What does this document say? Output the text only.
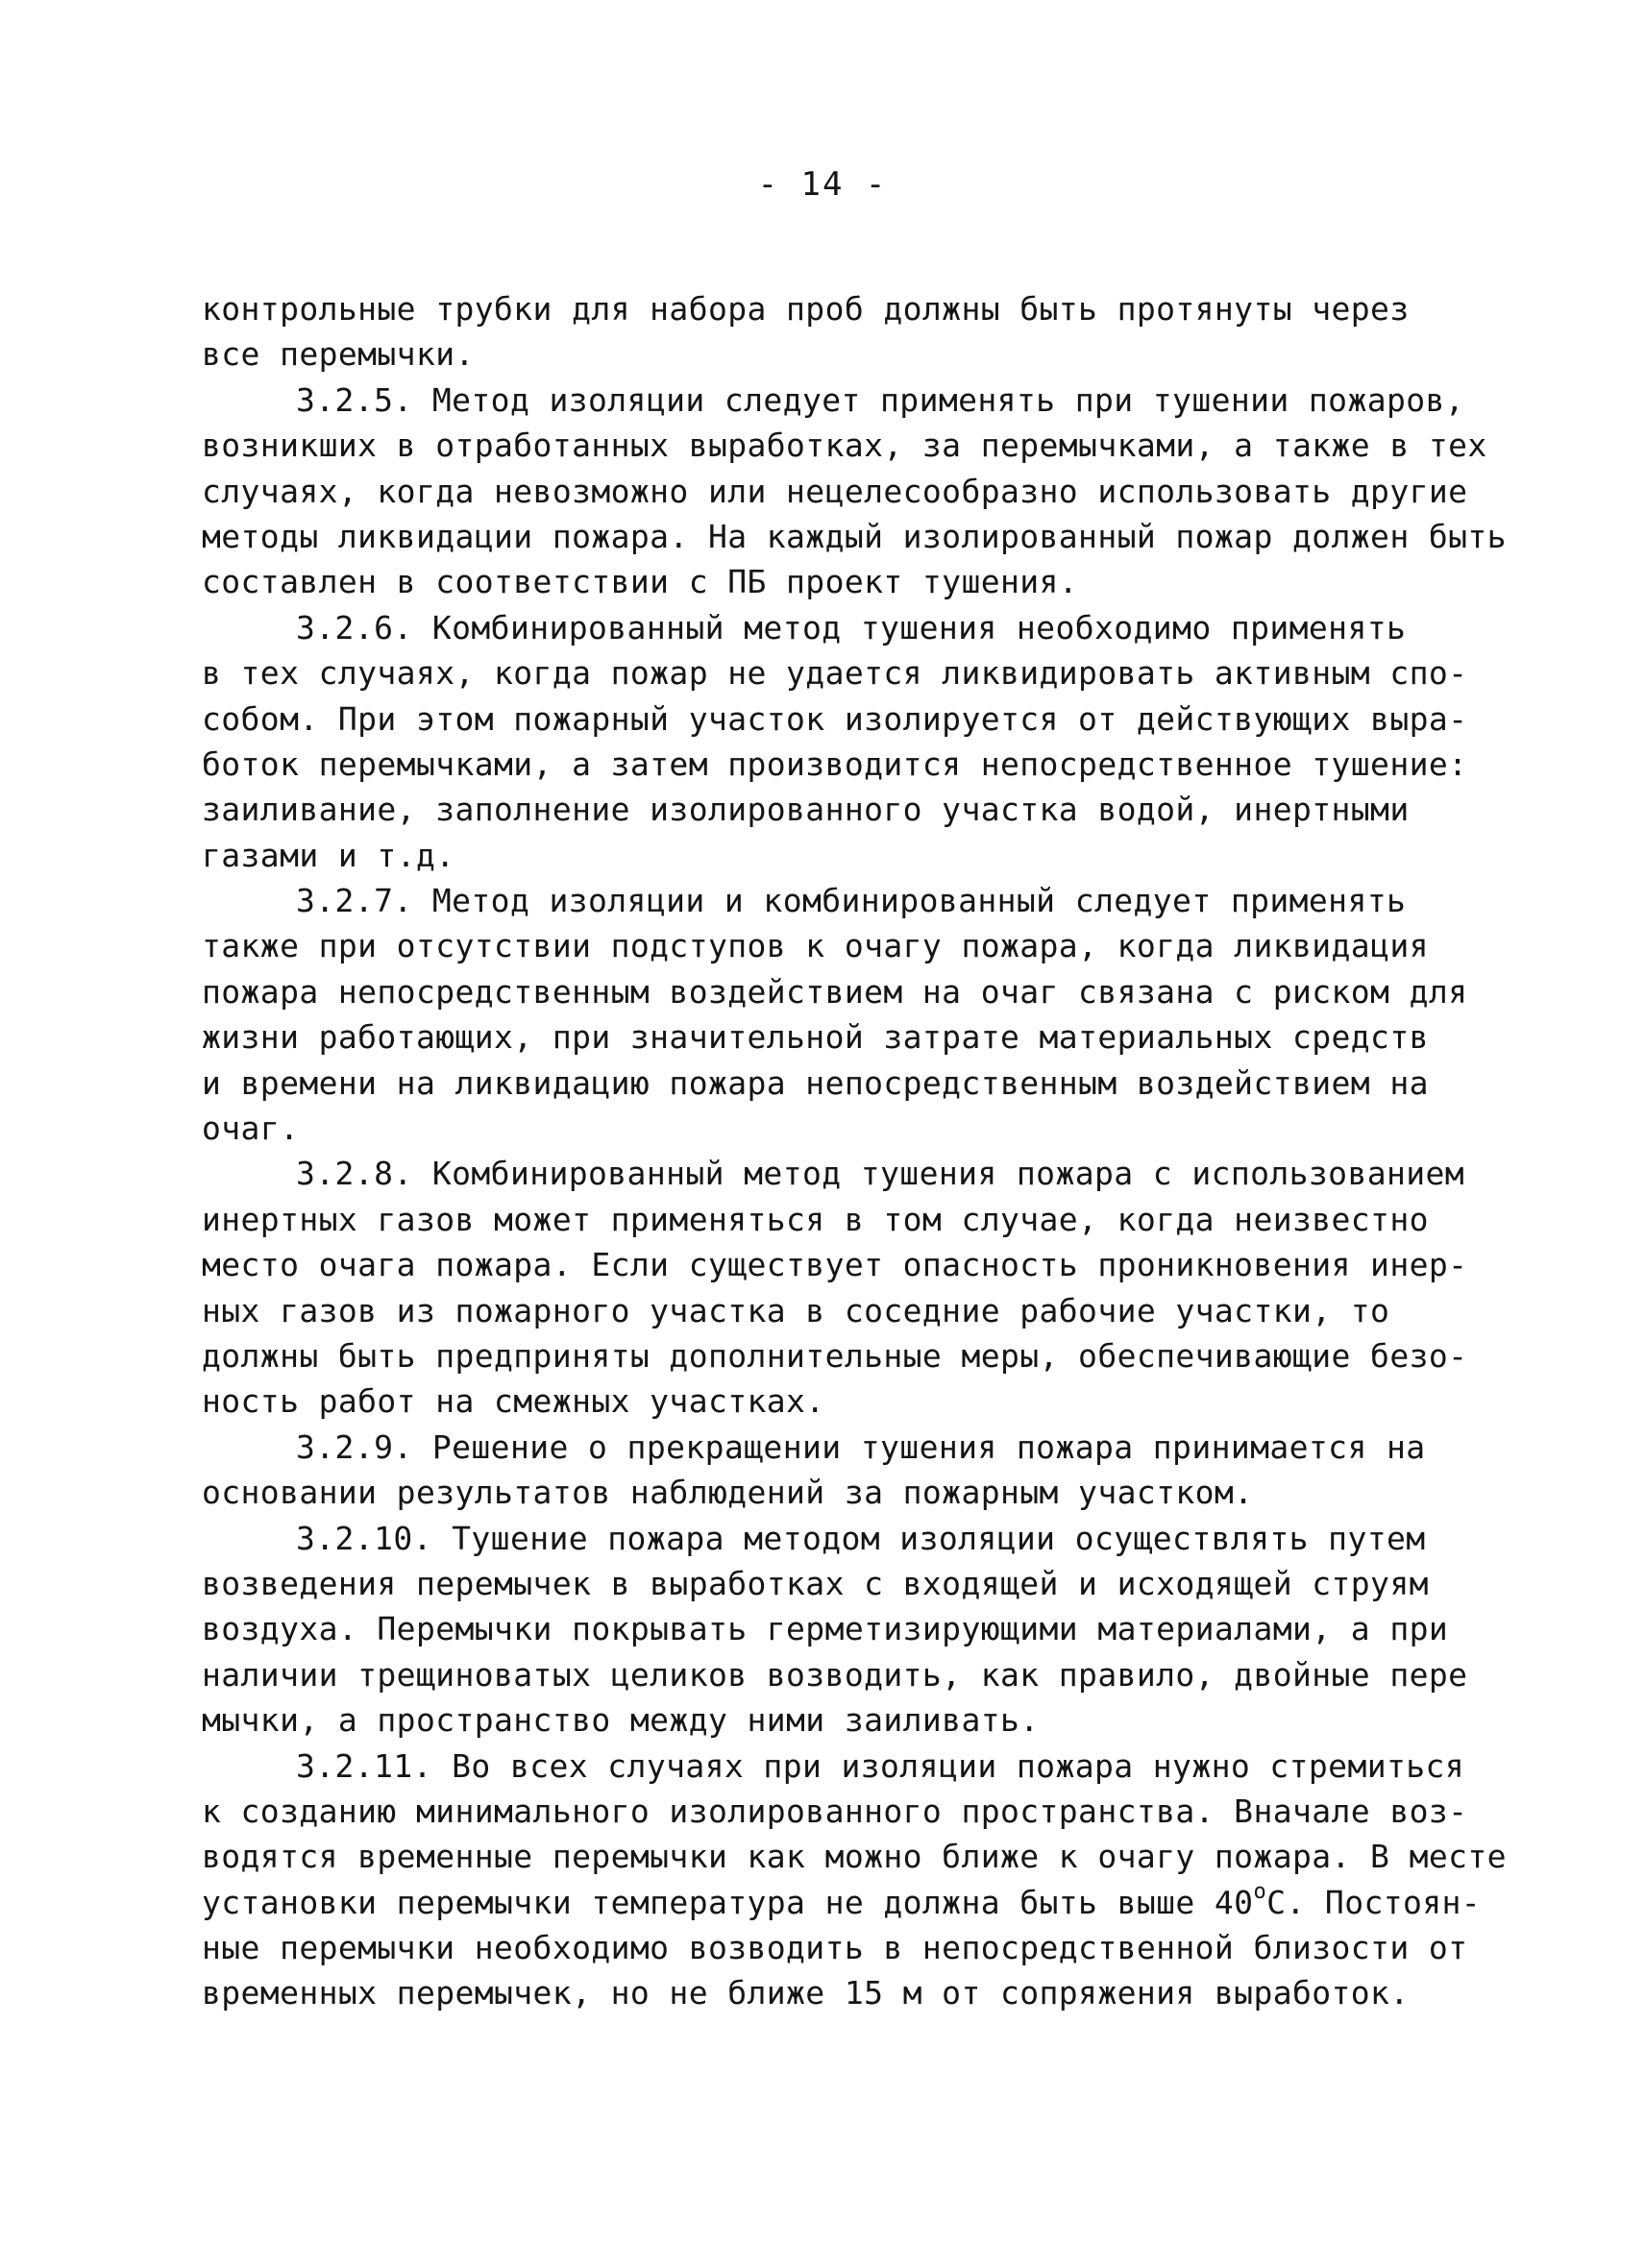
- 14 -
контрольные трубки для набора проб должны быть протянуты через
все перемычки.
3.2.5. Метод изоляции следует применять при тушении пожаров,
возникших в отработанных выработках, за перемычками, а также в тех
случаях, когда невозможно или нецелесообразно использовать другие
методы ликвидации пожара. На каждый изолированный пожар должен быть
составлен в соответствии с ПБ проект тушения.
3.2.6. Комбинированный метод тушения необходимо применять
в тех случаях, когда пожар не удается ликвидировать активным спо-
собом. При этом пожарный участок изолируется от действующих выра-
боток перемычками, а затем производится непосредственное тушение:
заиливание, заполнение изолированного участка водой, инертными
газами и т.д.
3.2.7. Метод изоляции и комбинированный следует применять
также при отсутствии подступов к очагу пожара, когда ликвидация
пожара непосредственным воздействием на очаг связана с риском для
жизни работающих, при значительной затрате материальных средств
и времени на ликвидацию пожара непосредственным воздействием на
очаг.
3.2.8. Комбинированный метод тушения пожара с использованием
инертных газов может применяться в том случае, когда неизвестно
место очага пожара. Если существует опасность проникновения инер-
ных газов из пожарного участка в соседние рабочие участки, то
должны быть предприняты дополнительные меры, обеспечивающие безо-
ность работ на смежных участках.
3.2.9. Решение о прекращении тушения пожара принимается на
основании результатов наблюдений за пожарным участком.
3.2.10. Тушение пожара методом изоляции осуществлять путем
возведения перемычек в выработках с входящей и исходящей струям
воздуха. Перемычки покрывать герметизирующими материалами, а при
наличии трещиноватых целиков возводить, как правило, двойные пере
мычки, а пространство между ними заиливать.
3.2.11. Во всех случаях при изоляции пожара нужно стремиться
к созданию минимального изолированного пространства. Вначале воз-
водятся временные перемычки как можно ближе к очагу пожара. В месте
установки перемычки температура не должна быть выше 40$^o$С. Постоян-
ные перемычки необходимо возводить в непосредственной близости от
временных перемычек, но не ближе 15 м от сопряжения выработок.
